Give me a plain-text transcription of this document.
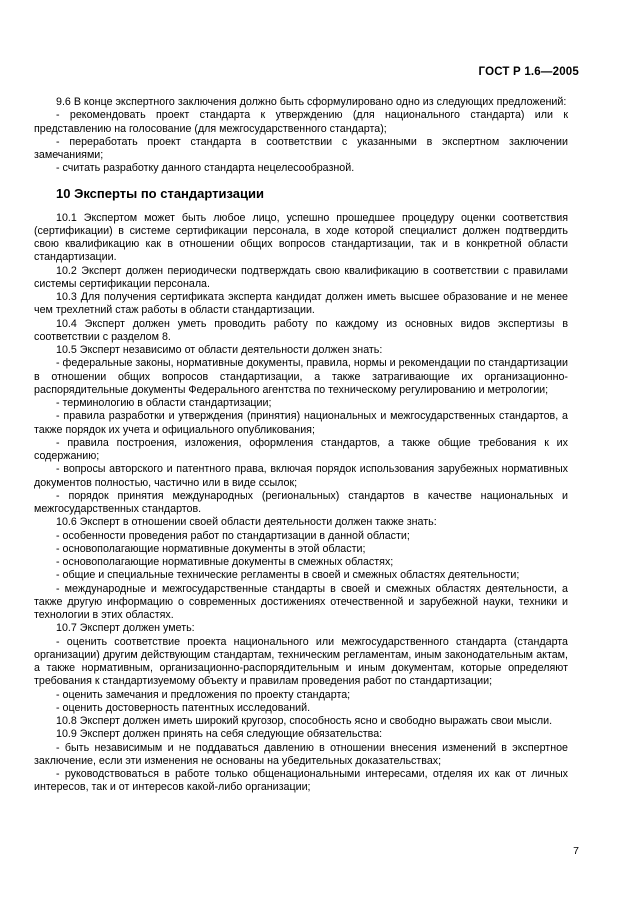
ГОСТ Р 1.6—2005

9.6 В конце экспертного заключения должно быть сформулировано одно из следующих предложений:

- рекомендовать проект стандарта к утверждению (для национального стандарта) или к представлению на голосование (для межгосударственного стандарта);

- переработать проект стандарта в соответствии с указанными в экспертном заключении замечаниями;

- считать разработку данного стандарта нецелесообразной.

10 Эксперты по стандартизации

10.1 Экспертом может быть любое лицо, успешно прошедшее процедуру оценки соответствия (сертификации) в системе сертификации персонала, в ходе которой специалист должен подтвердить свою квалификацию как в отношении общих вопросов стандартизации, так и в конкретной области стандартизации.

10.2 Эксперт должен периодически подтверждать свою квалификацию в соответствии с правилами системы сертификации персонала.

10.3 Для получения сертификата эксперта кандидат должен иметь высшее образование и не менее чем трехлетний стаж работы в области стандартизации.

10.4 Эксперт должен уметь проводить работу по каждому из основных видов экспертизы в соответствии с разделом 8.

10.5 Эксперт независимо от области деятельности должен знать:

- федеральные законы, нормативные документы, правила, нормы и рекомендации по стандартизации в отношении общих вопросов стандартизации, а также затрагивающие их организационно-распорядительные документы Федерального агентства по техническому регулированию и метрологии;

- терминологию в области стандартизации;

- правила разработки и утверждения (принятия) национальных и межгосударственных стандартов, а также порядок их учета и официального опубликования;

- правила построения, изложения, оформления стандартов, а также общие требования к их содержанию;

- вопросы авторского и патентного права, включая порядок использования зарубежных нормативных документов полностью, частично или в виде ссылок;

- порядок принятия международных (региональных) стандартов в качестве национальных и межгосударственных стандартов.

10.6 Эксперт в отношении своей области деятельности должен также знать:

- особенности проведения работ по стандартизации в данной области;

- основополагающие нормативные документы в этой области;

- основополагающие нормативные документы в смежных областях;

- общие и специальные технические регламенты в своей и смежных областях деятельности;

- международные и межгосударственные стандарты в своей и смежных областях деятельности, а также другую информацию о современных достижениях отечественной и зарубежной науки, техники и технологии в этих областях.

10.7 Эксперт должен уметь:

- оценить соответствие проекта национального или межгосударственного стандарта (стандарта организации) другим действующим стандартам, техническим регламентам, иным законодательным актам, а также нормативным, организационно-распорядительным и иным документам, которые определяют требования к стандартизуемому объекту и правилам проведения работ по стандартизации;

- оценить замечания и предложения по проекту стандарта;

- оценить достоверность патентных исследований.

10.8 Эксперт должен иметь широкий кругозор, способность ясно и свободно выражать свои мысли.

10.9 Эксперт должен принять на себя следующие обязательства:

- быть независимым и не поддаваться давлению в отношении внесения изменений в экспертное заключение, если эти изменения не основаны на убедительных доказательствах;

- руководствоваться в работе только общенациональными интересами, отделяя их как от личных интересов, так и от интересов какой-либо организации;

7
